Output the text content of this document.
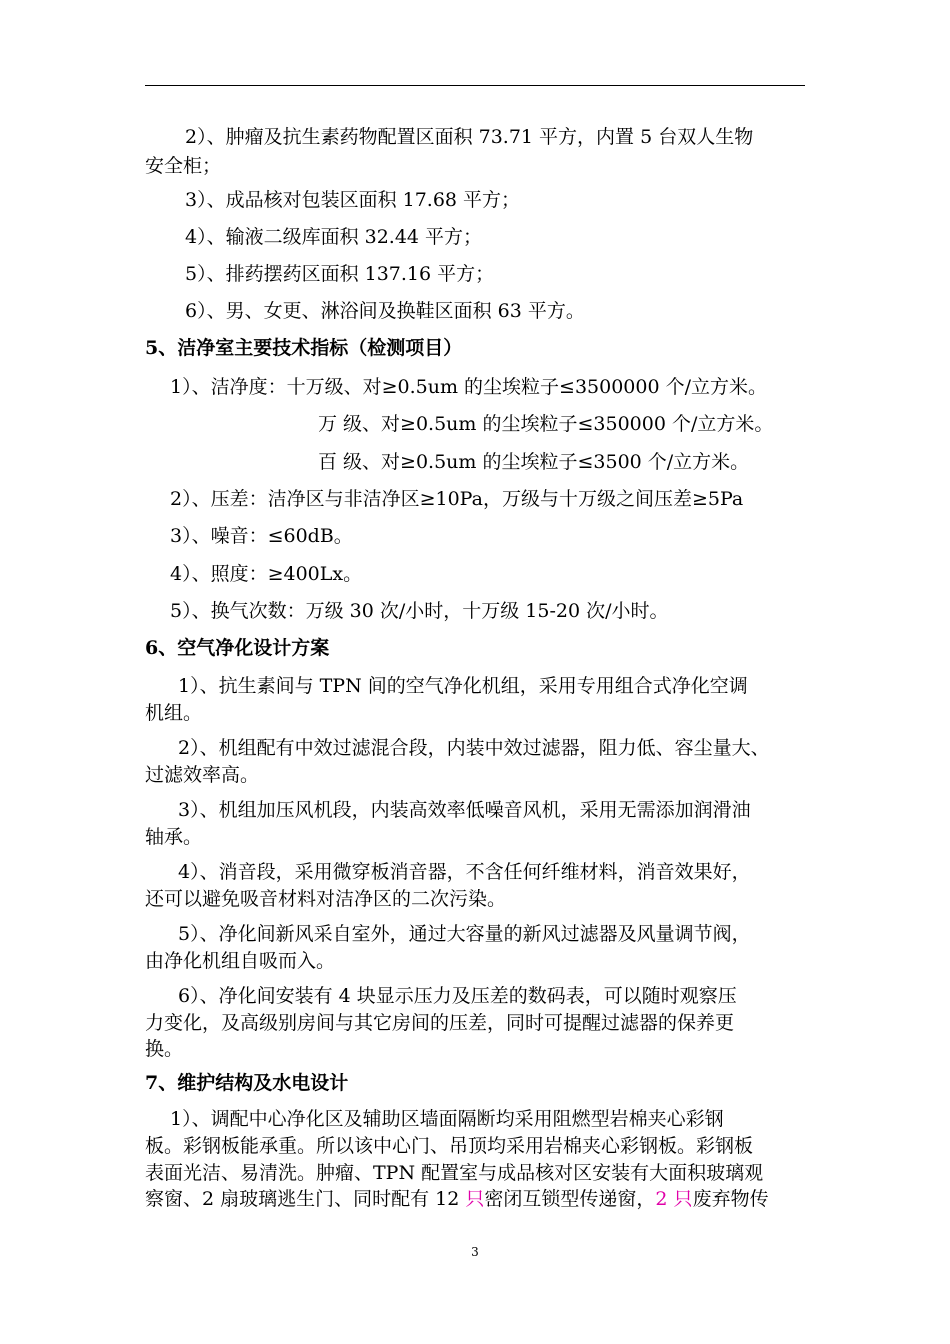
2）、肿瘤及抗生素药物配置区面积 73.71 平方，内置 5 台双人生物
安全柜；
3）、成品核对包装区面积 17.68 平方；
4）、输液二级库面积 32.44 平方；
5）、排药摆药区面积 137.16 平方；
6）、男、女更、淋浴间及换鞋区面积 63 平方。
5、洁净室主要技术指标（检测项目）
1）、洁净度：十万级、对≥0.5um 的尘埃粒子≤3500000 个/立方米。
万 级、对≥0.5um 的尘埃粒子≤350000 个/立方米。
百 级、对≥0.5um 的尘埃粒子≤3500 个/立方米。
2）、压差：洁净区与非洁净区≥10Pa，万级与十万级之间压差≥5Pa
3）、噪音：≤60dB。
4）、照度：≥400Lx。
5）、换气次数：万级 30 次/小时，十万级 15-20 次/小时。
6、空气净化设计方案
1）、抗生素间与 TPN 间的空气净化机组，采用专用组合式净化空调
机组。
2）、机组配有中效过滤混合段，内装中效过滤器，阻力低、容尘量大、
过滤效率高。
3）、机组加压风机段，内装高效率低噪音风机，采用无需添加润滑油
轴承。
4）、消音段，采用微穿板消音器，不含任何纤维材料，消音效果好，
还可以避免吸音材料对洁净区的二次污染。
5）、净化间新风采自室外，通过大容量的新风过滤器及风量调节阀，
由净化机组自吸而入。
6）、净化间安装有 4 块显示压力及压差的数码表，可以随时观察压
力变化，及高级别房间与其它房间的压差，同时可提醒过滤器的保养更
换。
7、维护结构及水电设计
1）、调配中心净化区及辅助区墙面隔断均采用阻燃型岩棉夹心彩钢
板。彩钢板能承重。所以该中心门、吊顶均采用岩棉夹心彩钢板。彩钢板
表面光洁、易清洗。肿瘤、TPN 配置室与成品核对区安装有大面积玻璃观
察窗、2 扇玻璃逃生门、同时配有 12 只密闭互锁型传递窗，2 只废弃物传
3
